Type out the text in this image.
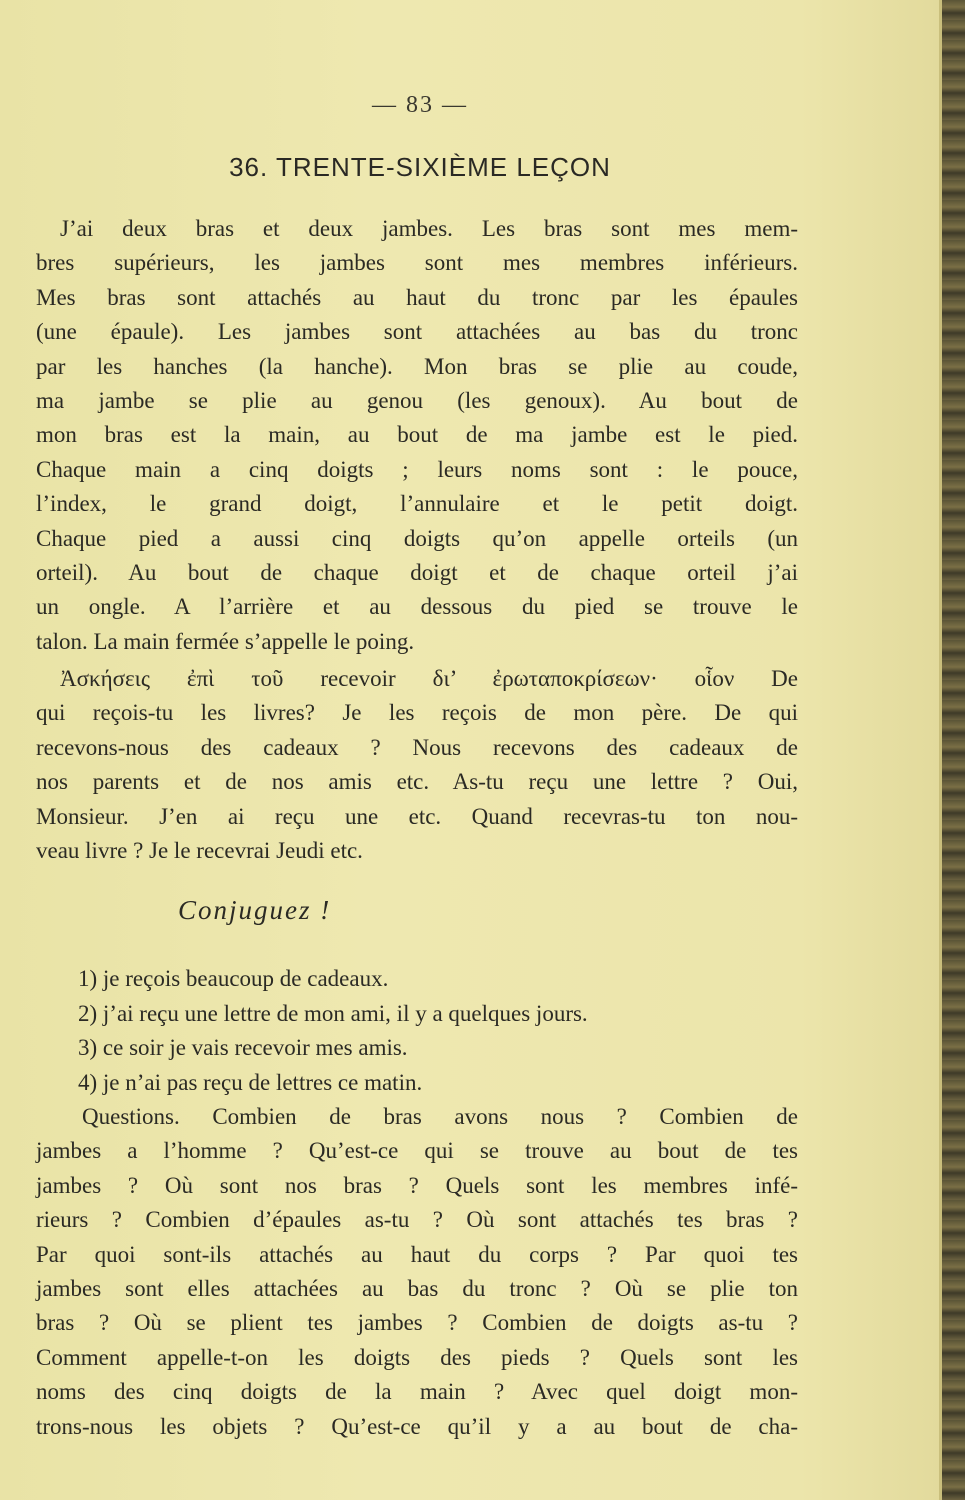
— 83 —
36. TRENTE-SIXIÈME LEÇON
J’ai deux bras et deux jambes. Les bras sont mes mem-
bres supérieurs, les jambes sont mes membres inférieurs.
Mes bras sont attachés au haut du tronc par les épaules
(une épaule). Les jambes sont attachées au bas du tronc
par les hanches (la hanche). Mon bras se plie au coude,
ma jambe se plie au genou (les genoux). Au bout de
mon bras est la main, au bout de ma jambe est le pied.
Chaque main a cinq doigts ; leurs noms sont : le pouce,
l’index, le grand doigt, l’annulaire et le petit doigt.
Chaque pied a aussi cinq doigts qu’on appelle orteils (un
orteil). Au bout de chaque doigt et de chaque orteil j’ai
un ongle. A l’arrière et au dessous du pied se trouve le
talon. La main fermée s’appelle le poing.
Ἀσκήσεις ἐπὶ τοῦ recevoir δι’ ἐρωταποκρίσεων· οἷον De
qui reçois-tu les livres? Je les reçois de mon père. De qui
recevons-nous des cadeaux ? Nous recevons des cadeaux de
nos parents et de nos amis etc. As-tu reçu une lettre ? Oui,
Monsieur. J’en ai reçu une etc. Quand recevras-tu ton nou-
veau livre ? Je le recevrai Jeudi etc.
Conjuguez !
1) je reçois beaucoup de cadeaux.
2) j’ai reçu une lettre de mon ami, il y a quelques jours.
3) ce soir je vais recevoir mes amis.
4) je n’ai pas reçu de lettres ce matin.
Questions. Combien de bras avons nous ? Combien de
jambes a l’homme ? Qu’est-ce qui se trouve au bout de tes
jambes ? Où sont nos bras ? Quels sont les membres infé-
rieurs ? Combien d’épaules as-tu ? Où sont attachés tes bras ?
Par quoi sont-ils attachés au haut du corps ? Par quoi tes
jambes sont elles attachées au bas du tronc ? Où se plie ton
bras ? Où se plient tes jambes ? Combien de doigts as-tu ?
Comment appelle-t-on les doigts des pieds ? Quels sont les
noms des cinq doigts de la main ? Avec quel doigt mon-
trons-nous les objets ? Qu’est-ce qu’il y a au bout de cha-
